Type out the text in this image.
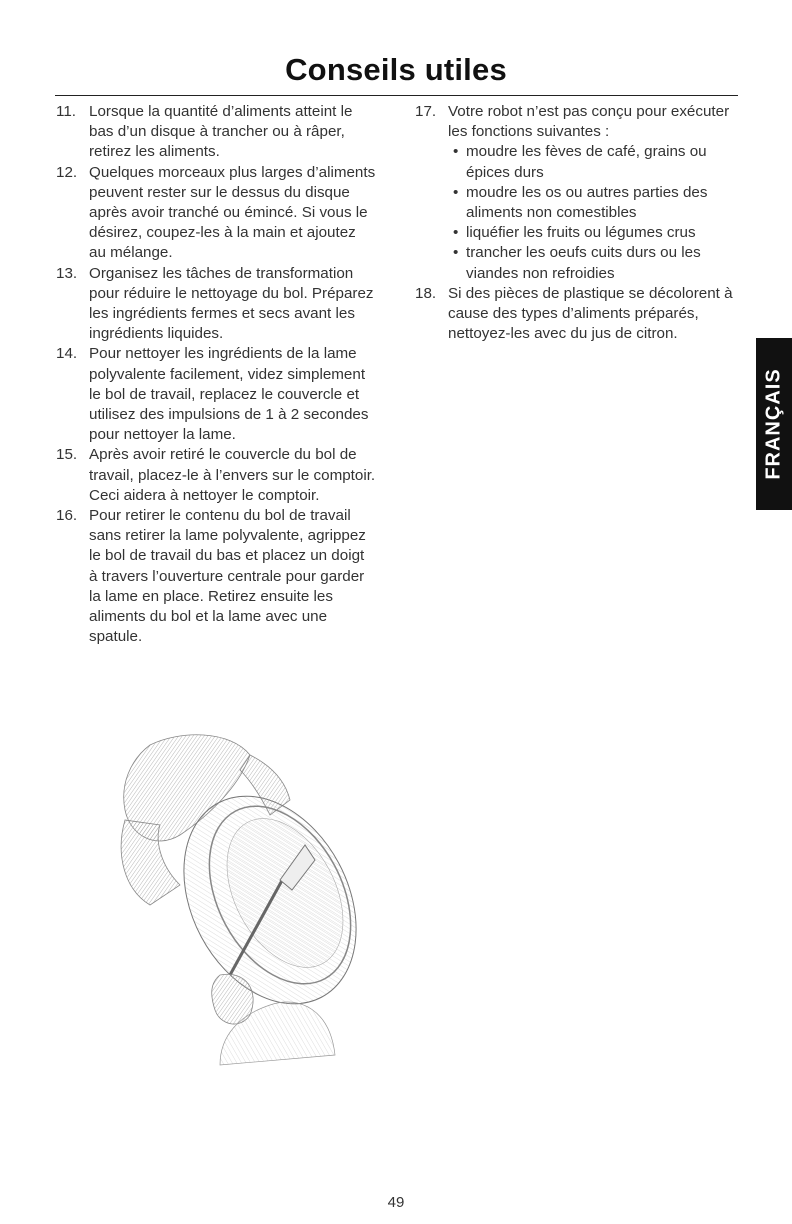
Conseils utiles

11. Lorsque la quantité d’aliments atteint le bas d’un disque à trancher ou à râper, retirez les aliments.

12. Quelques morceaux plus larges d’aliments peuvent rester sur le dessus du disque après avoir tranché ou émincé. Si vous le désirez, coupez-les à la main et ajoutez au mélange.

13. Organisez les tâches de transformation pour réduire le nettoyage du bol. Préparez les ingrédients fermes et secs avant les ingrédients liquides.

14. Pour nettoyer les ingrédients de la lame polyvalente facilement, videz simplement le bol de travail, replacez le couvercle et utilisez des impulsions de 1 à 2 secondes pour nettoyer la lame.

15. Après avoir retiré le couvercle du bol de travail, placez-le à l’envers sur le comptoir. Ceci aidera à nettoyer le comptoir.

16. Pour retirer le contenu du bol de travail sans retirer la lame polyvalente, agrippez le bol de travail du bas et placez un doigt à travers l’ouverture centrale pour garder la lame en place. Retirez ensuite les aliments du bol et la lame avec une spatule.

17. Votre robot n’est pas conçu pour exécuter les fonctions suivantes :
• moudre les fèves de café, grains ou épices durs
• moudre les os ou autres parties des aliments non comestibles
• liquéfier les fruits ou légumes crus
• trancher les oeufs cuits durs ou les viandes non refroidies

18. Si des pièces de plastique se décolorent à cause des types d’aliments préparés, nettoyez-les avec du jus de citron.

FRANÇAIS
49
